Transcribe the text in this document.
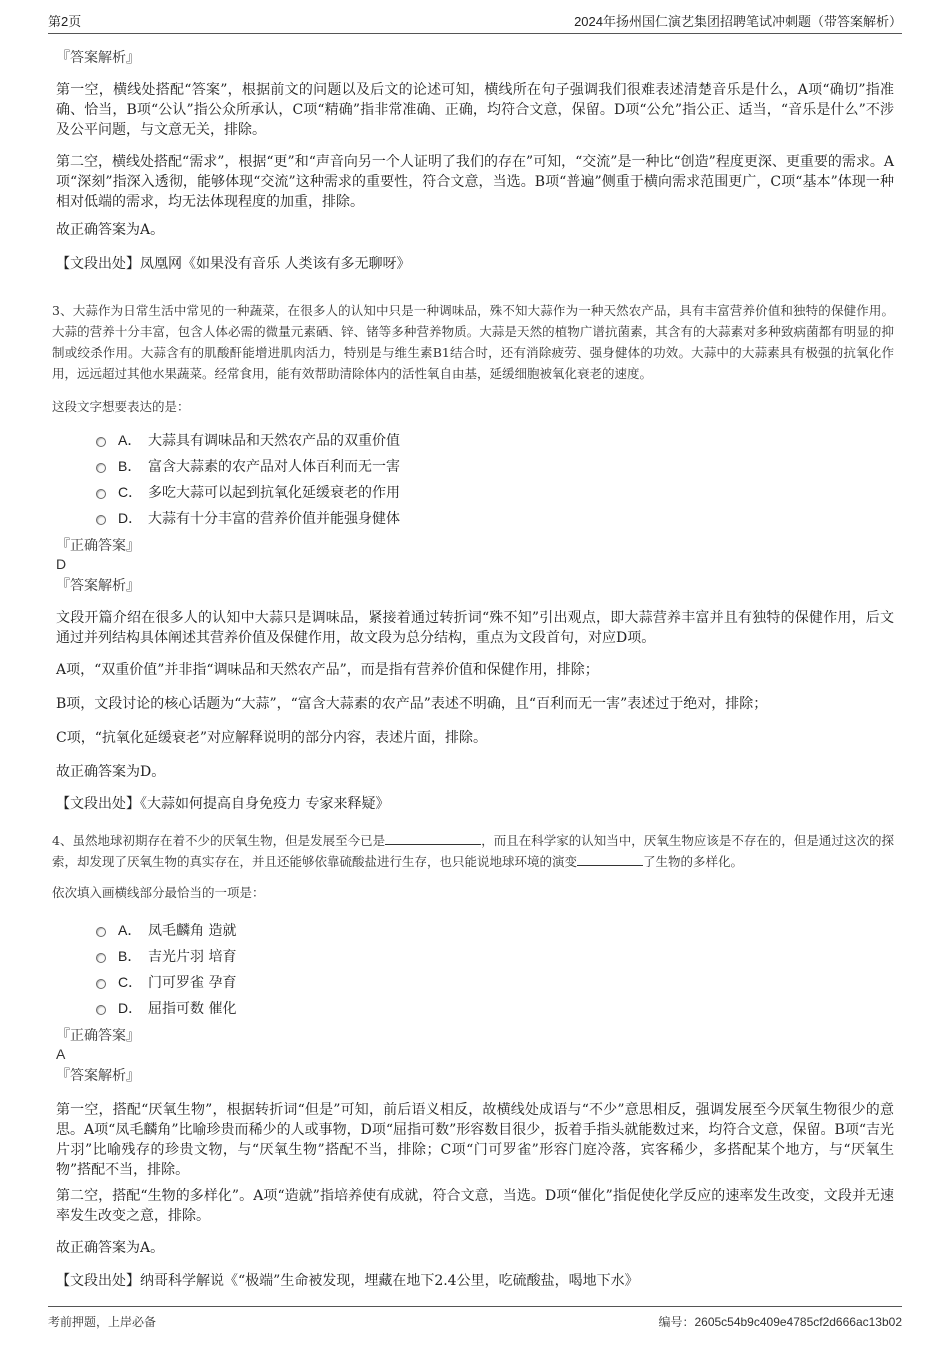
第2页	2024年扬州国仁演艺集团招聘笔试冲刺题（带答案解析）
『答案解析』
第一空，横线处搭配“答案”，根据前文的问题以及后文的论述可知，横线所在句子强调我们很难表述清楚音乐是什么，A项“确切”指准确、恰当，B项“公认”指公众所承认，C项“精确”指非常准确、正确，均符合文意，保留。D项“公允”指公正、适当，“音乐是什么”不涉及公平问题，与文意无关，排除。
第二空，横线处搭配“需求”，根据“更”和“声音向另一个人证明了我们的存在”可知，“交流”是一种比“创造”程度更深、更重要的需求。A项“深刻”指深入透彻，能够体现“交流”这种需求的重要性，符合文意，当选。B项“普遍”侧重于横向需求范围更广，C项“基本”体现一种相对低端的需求，均无法体现程度的加重，排除。
故正确答案为A。
【文段出处】凤凰网《如果没有音乐 人类该有多无聊呀》
3、大蒜作为日常生活中常见的一种蔬菜，在很多人的认知中只是一种调味品，殊不知大蒜作为一种天然农产品，具有丰富营养价值和独特的保健作用。大蒜的营养十分丰富，包含人体必需的微量元素硒、锌、锗等多种营养物质。大蒜是天然的植物广谱抗菌素，其含有的大蒜素对多种致病菌都有明显的抑制或绞杀作用。大蒜含有的肌酸酐能增进肌肉活力，特别是与维生素B1结合时，还有消除疲劳、强身健体的功效。大蒜中的大蒜素具有极强的抗氧化作用，远远超过其他水果蔬菜。经常食用，能有效帮助清除体内的活性氧自由基，延缓细胞被氧化衰老的速度。
这段文字想要表达的是：
A． 大蒜具有调味品和天然农产品的双重价值
B． 富含大蒜素的农产品对人体百利而无一害
C． 多吃大蒜可以起到抗氧化延缓衰老的作用
D． 大蒜有十分丰富的营养价值并能强身健体
『正确答案』
D
『答案解析』
文段开篇介绍在很多人的认知中大蒜只是调味品，紧接着通过转折词“殊不知”引出观点，即大蒜营养丰富并且有独特的保健作用，后文通过并列结构具体阐述其营养价值及保健作用，故文段为总分结构，重点为文段首句，对应D项。
A项，“双重价值”并非指“调味品和天然农产品”，而是指有营养价值和保健作用，排除；
B项，文段讨论的核心话题为“大蒜”，“富含大蒜素的农产品”表述不明确，且“百利而无一害”表述过于绝对，排除；
C项，“抗氧化延缓衰老”对应解释说明的部分内容，表述片面，排除。
故正确答案为D。
【文段出处】《大蒜如何提高自身免疫力 专家来释疑》
4、虽然地球初期存在着不少的厌氧生物，但是发展至今已是	，而且在科学家的认知当中，厌氧生物应该是不存在的，但是通过这次的探索，却发现了厌氧生物的真实存在，并且还能够依靠硫酸盐进行生存，也只能说地球环境的演变	了生物的多样化。
依次填入画横线部分最恰当的一项是：
A． 凤毛麟角 造就
B． 吉光片羽 培育
C． 门可罗雀 孕育
D． 屈指可数 催化
『正确答案』
A
『答案解析』
第一空，搭配“厌氧生物”，根据转折词“但是”可知，前后语义相反，故横线处成语与“不少”意思相反，强调发展至今厌氧生物很少的意思。A项“凤毛麟角”比喻珍贵而稀少的人或事物，D项“屈指可数”形容数目很少，扳着手指头就能数过来，均符合文意，保留。B项“吉光片羽”比喻残存的珍贵文物，与“厌氧生物”搭配不当，排除；C项“门可罗雀”形容门庭冷落，宾客稀少，多搭配某个地方，与“厌氧生物”搭配不当，排除。
第二空，搭配“生物的多样化”。A项“造就”指培养使有成就，符合文意，当选。D项“催化”指促使化学反应的速率发生改变，文段并无速率发生改变之意，排除。
故正确答案为A。
【文段出处】纳哥科学解说《“极端”生命被发现，埋藏在地下2.4公里，吃硫酸盐，喝地下水》
考前押题，上岸必备	编号：2605c54b9c409e4785cf2d666ac13b02
